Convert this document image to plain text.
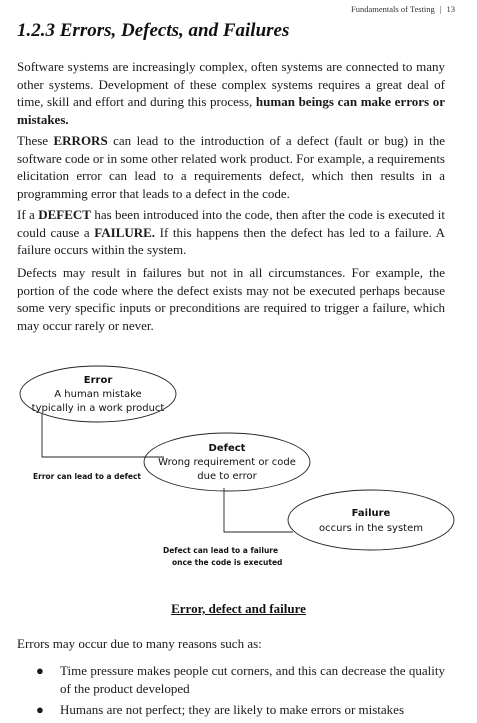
Fundamentals of Testing | 13
1.2.3 Errors, Defects, and Failures

Software systems are increasingly complex, often systems are connected to many other systems. Development of these complex systems requires a great deal of time, skill and effort and during this process, human beings can make errors or mistakes.

These ERRORS can lead to the introduction of a defect (fault or bug) in the software code or in some other related work product. For example, a requirements elicitation error can lead to a requirements defect, which then results in a programming error that leads to a defect in the code.

If a DEFECT has been introduced into the code, then after the code is executed it could cause a FAILURE. If this happens then the defect has led to a failure. A failure occurs within the system.

Defects may result in failures but not in all circumstances. For example, the portion of the code where the defect exists may not be executed perhaps because some very specific inputs or preconditions are required to trigger a failure, which may occur rarely or never.

Error
A human mistake
typically in a work product
Defect
Wrong requirement or code
due to error
Failure
occurs in the system
Error can lead to a defect
Defect can lead to a failure
once the code is executed
Error, defect and failure

Errors may occur due to many reasons such as:

● Time pressure makes people cut corners, and this can decrease the quality of the product developed
● Humans are not perfect; they are likely to make errors or mistakes
